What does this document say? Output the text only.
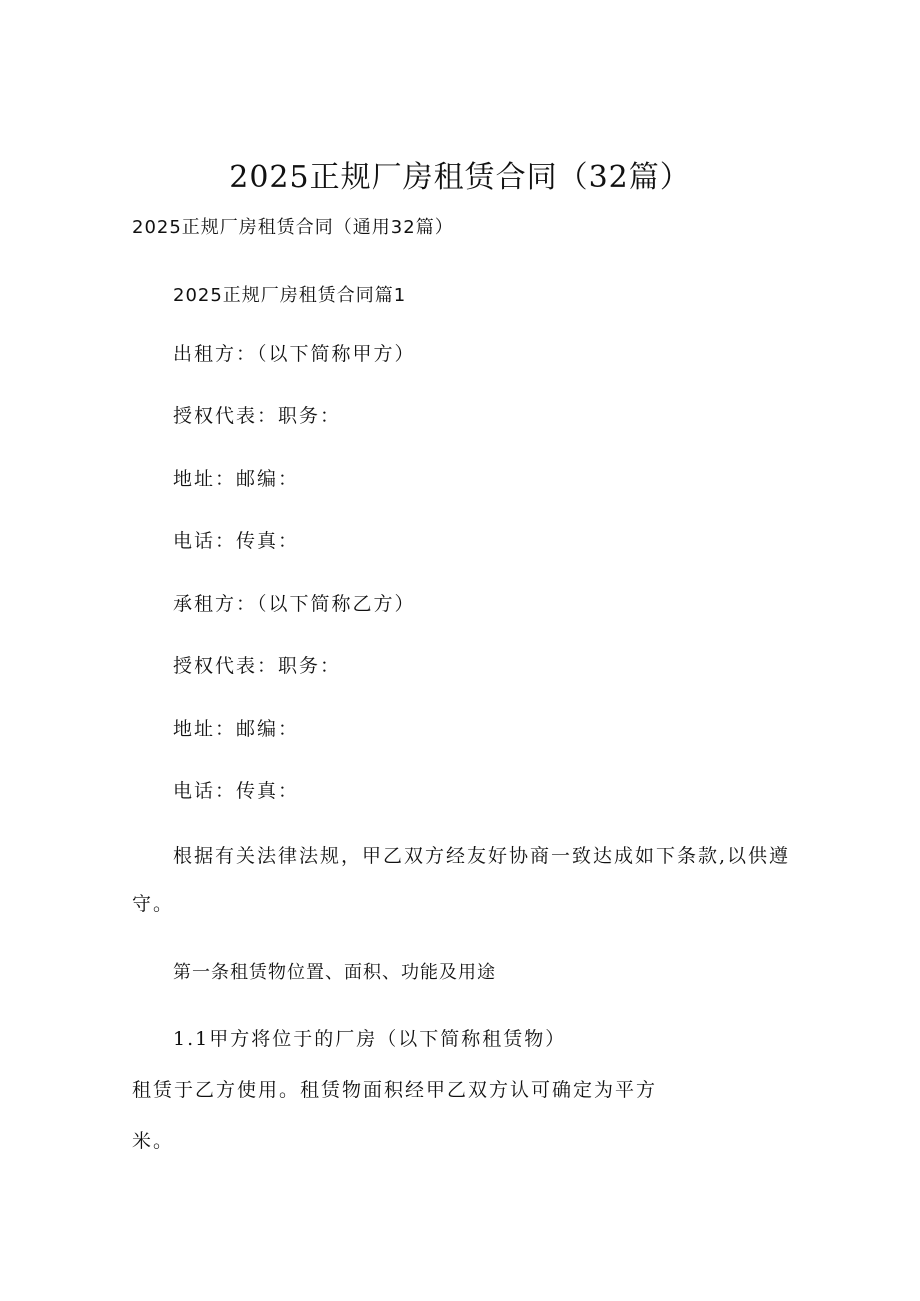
2025正规厂房租赁合同（32篇）
2025正规厂房租赁合同（通用32篇）
2025正规厂房租赁合同篇1
出租方：（以下简称甲方）
授权代表：职务：
地址：邮编：
电话：传真：
承租方：（以下简称乙方）
授权代表：职务：
地址：邮编：
电话：传真：
根据有关法律法规，甲乙双方经友好协商一致达成如下条款,以供遵
守。
第一条租赁物位置、面积、功能及用途
1.1甲方将位于的厂房（以下简称租赁物）
租赁于乙方使用。租赁物面积经甲乙双方认可确定为平方
米。
